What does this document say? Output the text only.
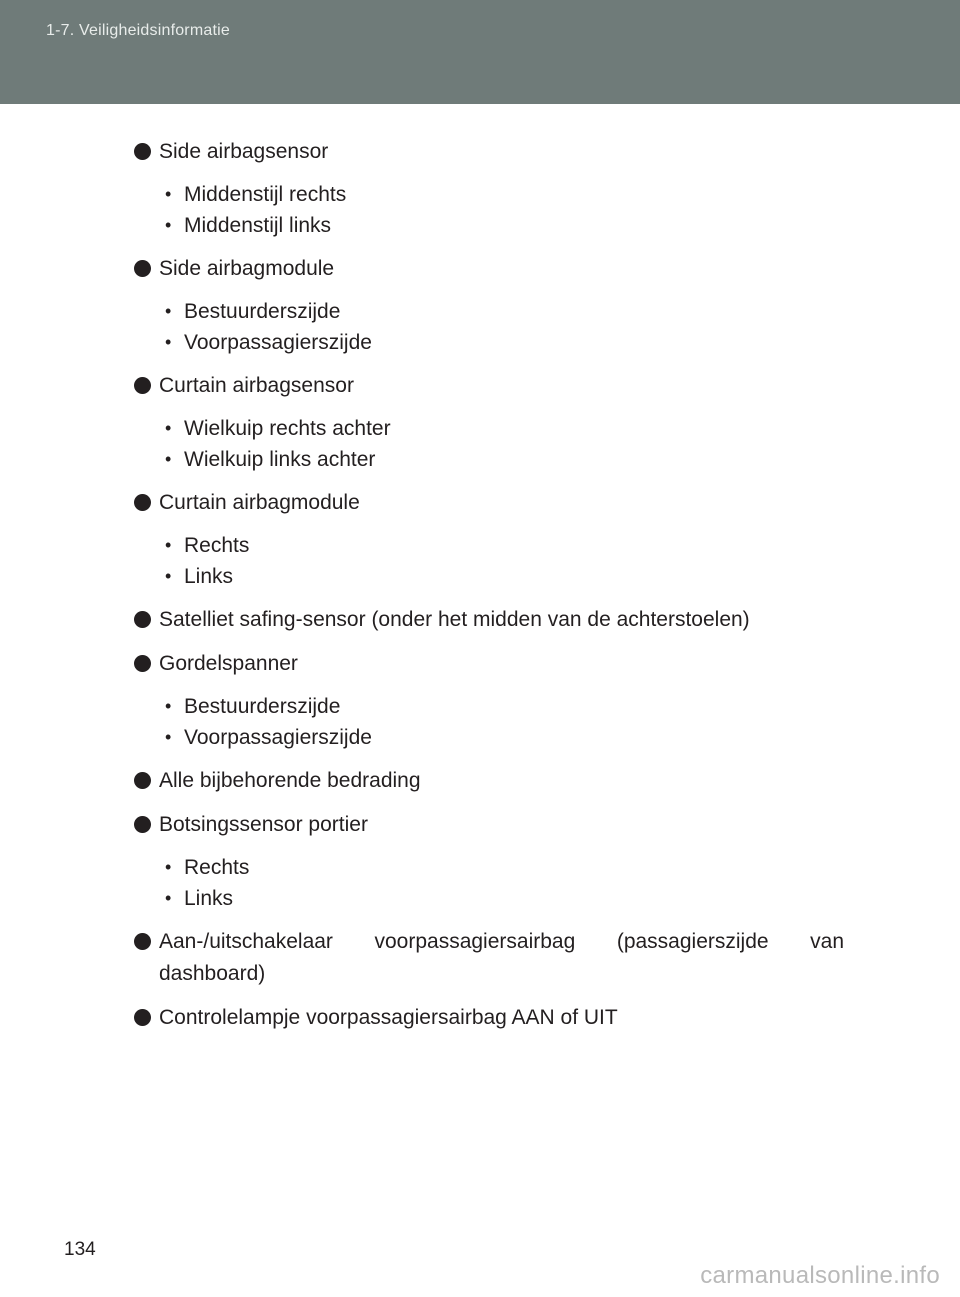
1-7. Veiligheidsinformatie
Side airbagsensor
• Middenstijl rechts
• Middenstijl links
Side airbagmodule
• Bestuurderszijde
• Voorpassagierszijde
Curtain airbagsensor
• Wielkuip rechts achter
• Wielkuip links achter
Curtain airbagmodule
• Rechts
• Links
Satelliet safing-sensor (onder het midden van de achterstoelen)
Gordelspanner
• Bestuurderszijde
• Voorpassagierszijde
Alle bijbehorende bedrading
Botsingssensor portier
• Rechts
• Links
Aan-/uitschakelaar voorpassagiersairbag (passagierszijde van dashboard)
Controlelampje voorpassagiersairbag AAN of UIT
134
carmanualsonline.info
